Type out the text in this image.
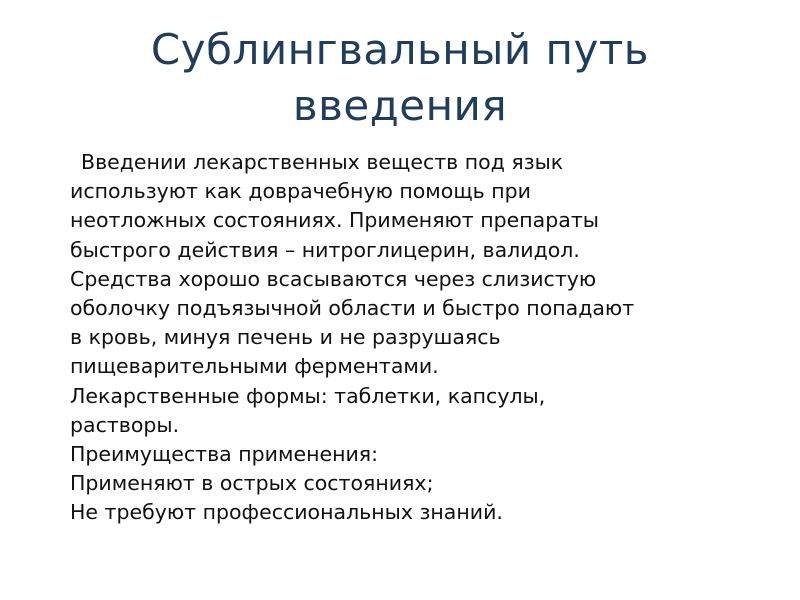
Сублингвальный путь
введения
Введении лекарственных веществ под язык
используют как доврачебную помощь при
неотложных состояниях. Применяют препараты
быстрого действия – нитроглицерин, валидол.
Средства хорошо всасываются через слизистую
оболочку подъязычной области и быстро попадают
в кровь, минуя печень и не разрушаясь
пищеварительными ферментами.
Лекарственные формы: таблетки, капсулы,
растворы.
Преимущества применения:
Применяют в острых состояниях;
Не требуют профессиональных знаний.
